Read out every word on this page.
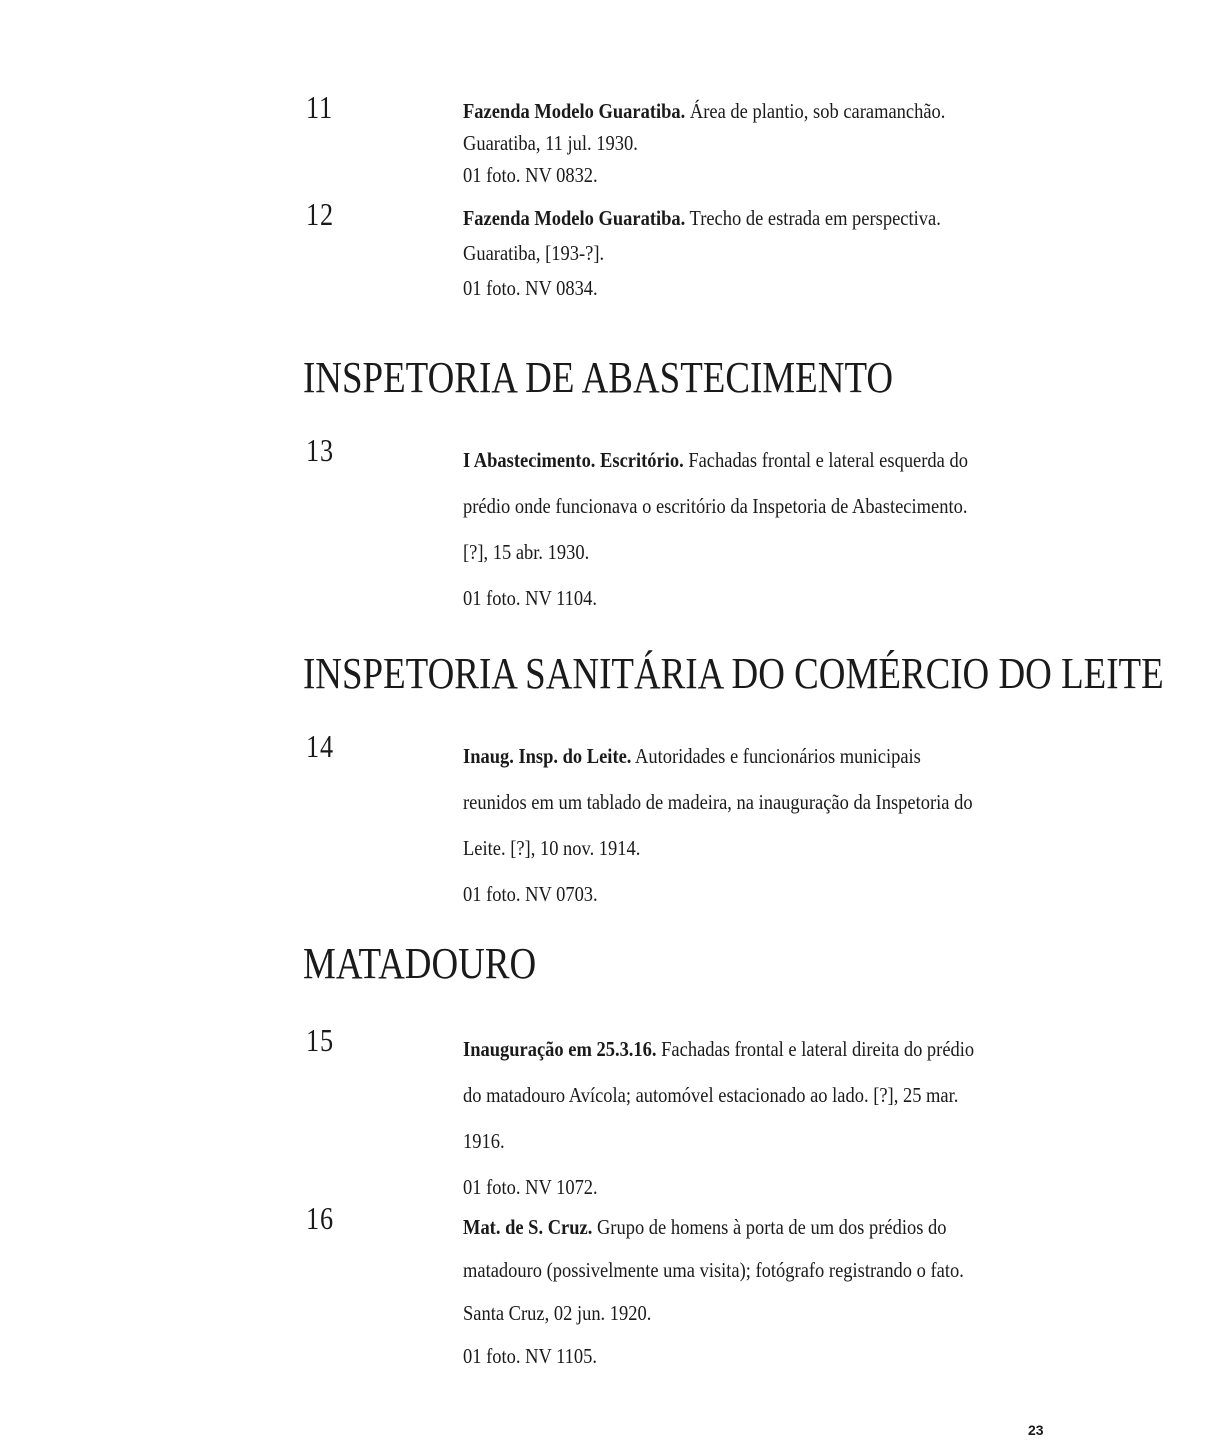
11	Fazenda Modelo Guaratiba. Área de plantio, sob caramanchão.
Guaratiba, 11 jul. 1930.
01 foto. NV 0832.
12	Fazenda Modelo Guaratiba. Trecho de estrada em perspectiva.
Guaratiba, [193-?].
01 foto. NV 0834.
INSPETORIA DE ABASTECIMENTO
13	I Abastecimento. Escritório. Fachadas frontal e lateral esquerda do
prédio onde funcionava o escritório da Inspetoria de Abastecimento.
[?], 15 abr. 1930.
01 foto. NV 1104.
INSPETORIA SANITÁRIA DO COMÉRCIO DO LEITE
14	Inaug. Insp. do Leite. Autoridades e funcionários municipais
reunidos em um tablado de madeira, na inauguração da Inspetoria do
Leite. [?], 10 nov. 1914.
01 foto. NV 0703.
MATADOURO
15	Inauguração em 25.3.16. Fachadas frontal e lateral direita do prédio
do matadouro Avícola; automóvel estacionado ao lado. [?], 25 mar.
1916.
01 foto. NV 1072.
16	Mat. de S. Cruz. Grupo de homens à porta de um dos prédios do
matadouro (possivelmente uma visita); fotógrafo registrando o fato.
Santa Cruz, 02 jun. 1920.
01 foto. NV 1105.
23
